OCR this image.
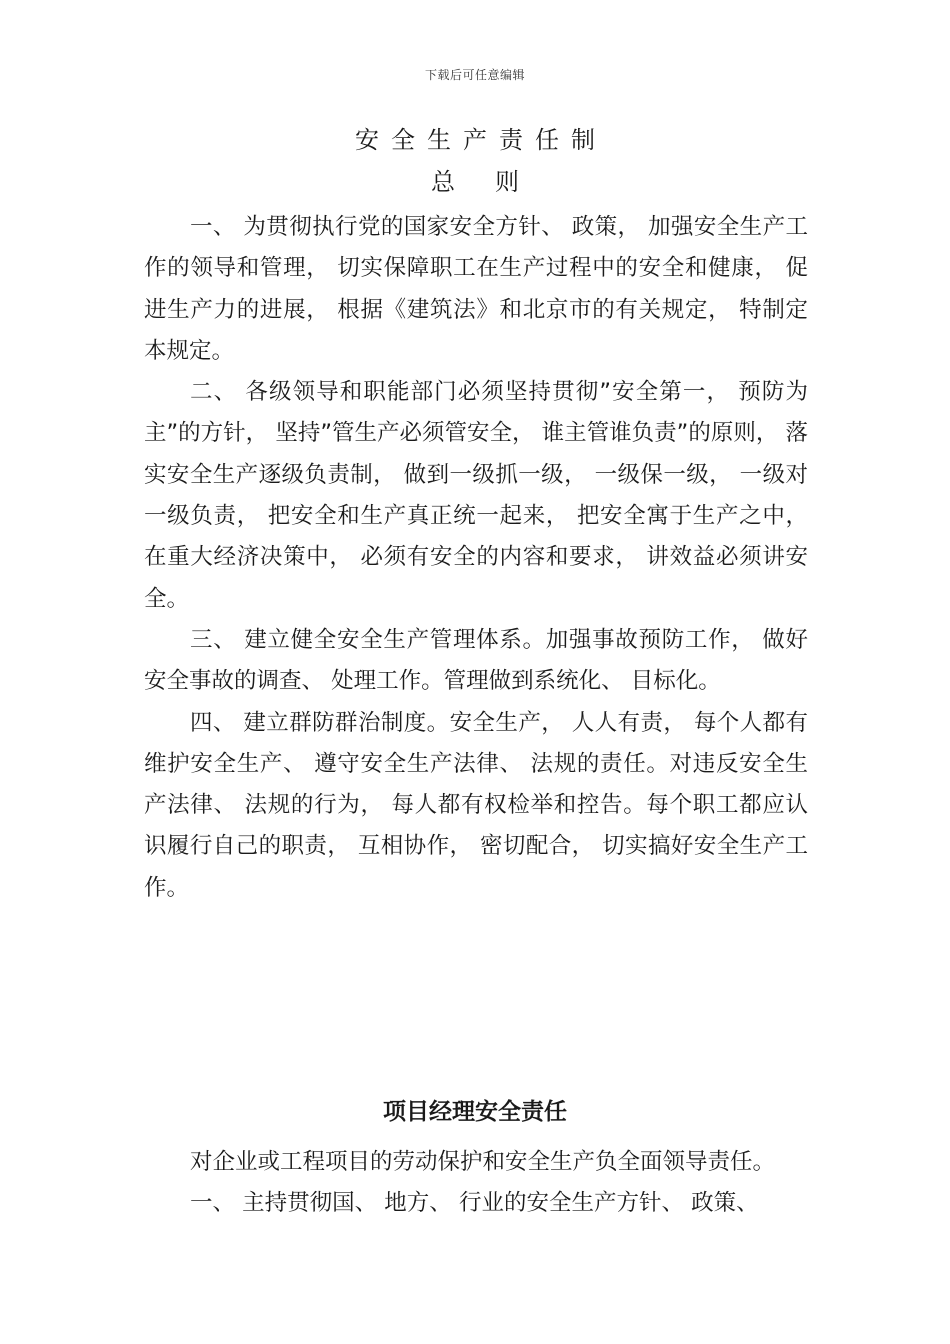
下载后可任意编辑
安全生产责任制
总则

一、 为贯彻执行党的国家安全方针、 政策， 加强安全生产工作的领导和管理， 切实保障职工在生产过程中的安全和健康， 促进生产力的进展， 根据《建筑法》和北京市的有关规定， 特制定本规定。

二、 各级领导和职能部门必须坚持贯彻”安全第一， 预防为主”的方针， 坚持”管生产必须管安全， 谁主管谁负责”的原则， 落实安全生产逐级负责制， 做到一级抓一级， 一级保一级， 一级对一级负责， 把安全和生产真正统一起来， 把安全寓于生产之中， 在重大经济决策中， 必须有安全的内容和要求， 讲效益必须讲安全。

三、 建立健全安全生产管理体系。加强事故预防工作， 做好安全事故的调查、 处理工作。管理做到系统化、 目标化。

四、 建立群防群治制度。安全生产， 人人有责， 每个人都有维护安全生产、 遵守安全生产法律、 法规的责任。对违反安全生产法律、 法规的行为， 每人都有权检举和控告。每个职工都应认识履行自己的职责， 互相协作， 密切配合， 切实搞好安全生产工作。

项目经理安全责任

对企业或工程项目的劳动保护和安全生产负全面领导责任。

一、 主持贯彻国、 地方、 行业的安全生产方针、 政策、
